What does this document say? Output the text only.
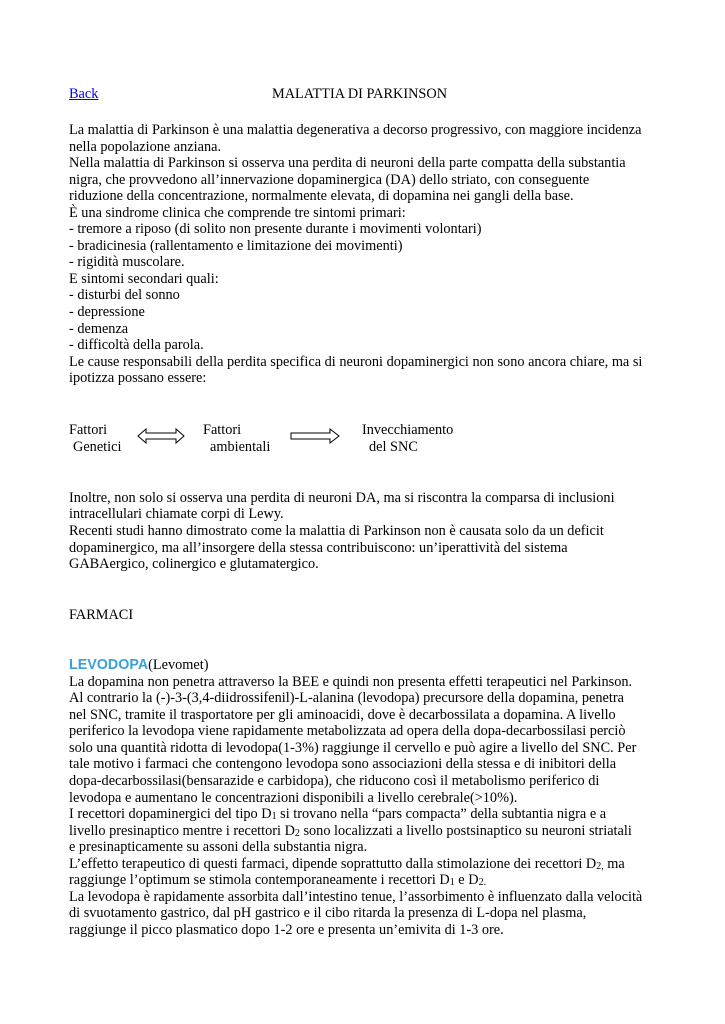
Back	MALATTIA DI PARKINSON
La malattia di Parkinson è una malattia degenerativa a decorso progressivo, con maggiore incidenza
nella popolazione anziana.
Nella malattia di Parkinson si osserva una perdita di neuroni della parte compatta della substantia
nigra, che provvedono all’innervazione dopaminergica (DA) dello striato, con conseguente
riduzione della concentrazione, normalmente elevata, di dopamina nei gangli della base.
È una sindrome clinica che comprende tre sintomi primari:
- tremore a riposo (di solito non presente durante i movimenti volontari)
- bradicinesia (rallentamento e limitazione dei movimenti)
- rigidità muscolare.
E sintomi secondari quali:
- disturbi del sonno
- depressione
- demenza
- difficoltà della parola.
Le cause responsabili della perdita specifica di neuroni dopaminergici non sono ancora chiare, ma si
ipotizza possano essere:
Fattori
Genetici
Fattori
ambientali
Invecchiamento
del SNC
Inoltre, non solo si osserva una perdita di neuroni DA, ma si riscontra la comparsa di inclusioni
intracellulari chiamate corpi di Lewy.
Recenti studi hanno dimostrato come la malattia di Parkinson non è causata solo da un deficit
dopaminergico, ma all’insorgere della stessa contribuiscono: un’iperattività del sistema
GABAergico, colinergico e glutamatergico.
FARMACI
LEVODOPA(Levomet)
La dopamina non penetra attraverso la BEE e quindi non presenta effetti terapeutici nel Parkinson.
Al contrario la (-)-3-(3,4-diidrossifenil)-L-alanina (levodopa) precursore della dopamina, penetra
nel SNC, tramite il trasportatore per gli aminoacidi, dove è decarbossilata a dopamina. A livello
periferico la levodopa viene rapidamente metabolizzata ad opera della dopa-decarbossilasi perciò
solo una quantità ridotta di levodopa(1-3%) raggiunge il cervello e può agire a livello del SNC. Per
tale motivo i farmaci che contengono levodopa sono associazioni della stessa e di inibitori della
dopa-decarbossilasi(bensarazide e carbidopa), che riducono così il metabolismo periferico di
levodopa e aumentano le concentrazioni disponibili a livello cerebrale(>10%).
I recettori dopaminergici del tipo $D_1$ si trovano nella “pars compacta” della subtantia nigra e a
livello presinaptico mentre i recettori $D_2$ sono localizzati a livello postsinaptico su neuroni striatali
e presinapticamente su assoni della substantia nigra.
L’effetto terapeutico di questi farmaci, dipende soprattutto dalla stimolazione dei recettori $D_{2,}$ ma
raggiunge l’optimum se stimola contemporaneamente i recettori $D_1$ e $D_{2.}$
La levodopa è rapidamente assorbita dall’intestino tenue, l’assorbimento è influenzato dalla velocità
di svuotamento gastrico, dal pH gastrico e il cibo ritarda la presenza di L-dopa nel plasma,
raggiunge il picco plasmatico dopo 1-2 ore e presenta un’emivita di 1-3 ore.
